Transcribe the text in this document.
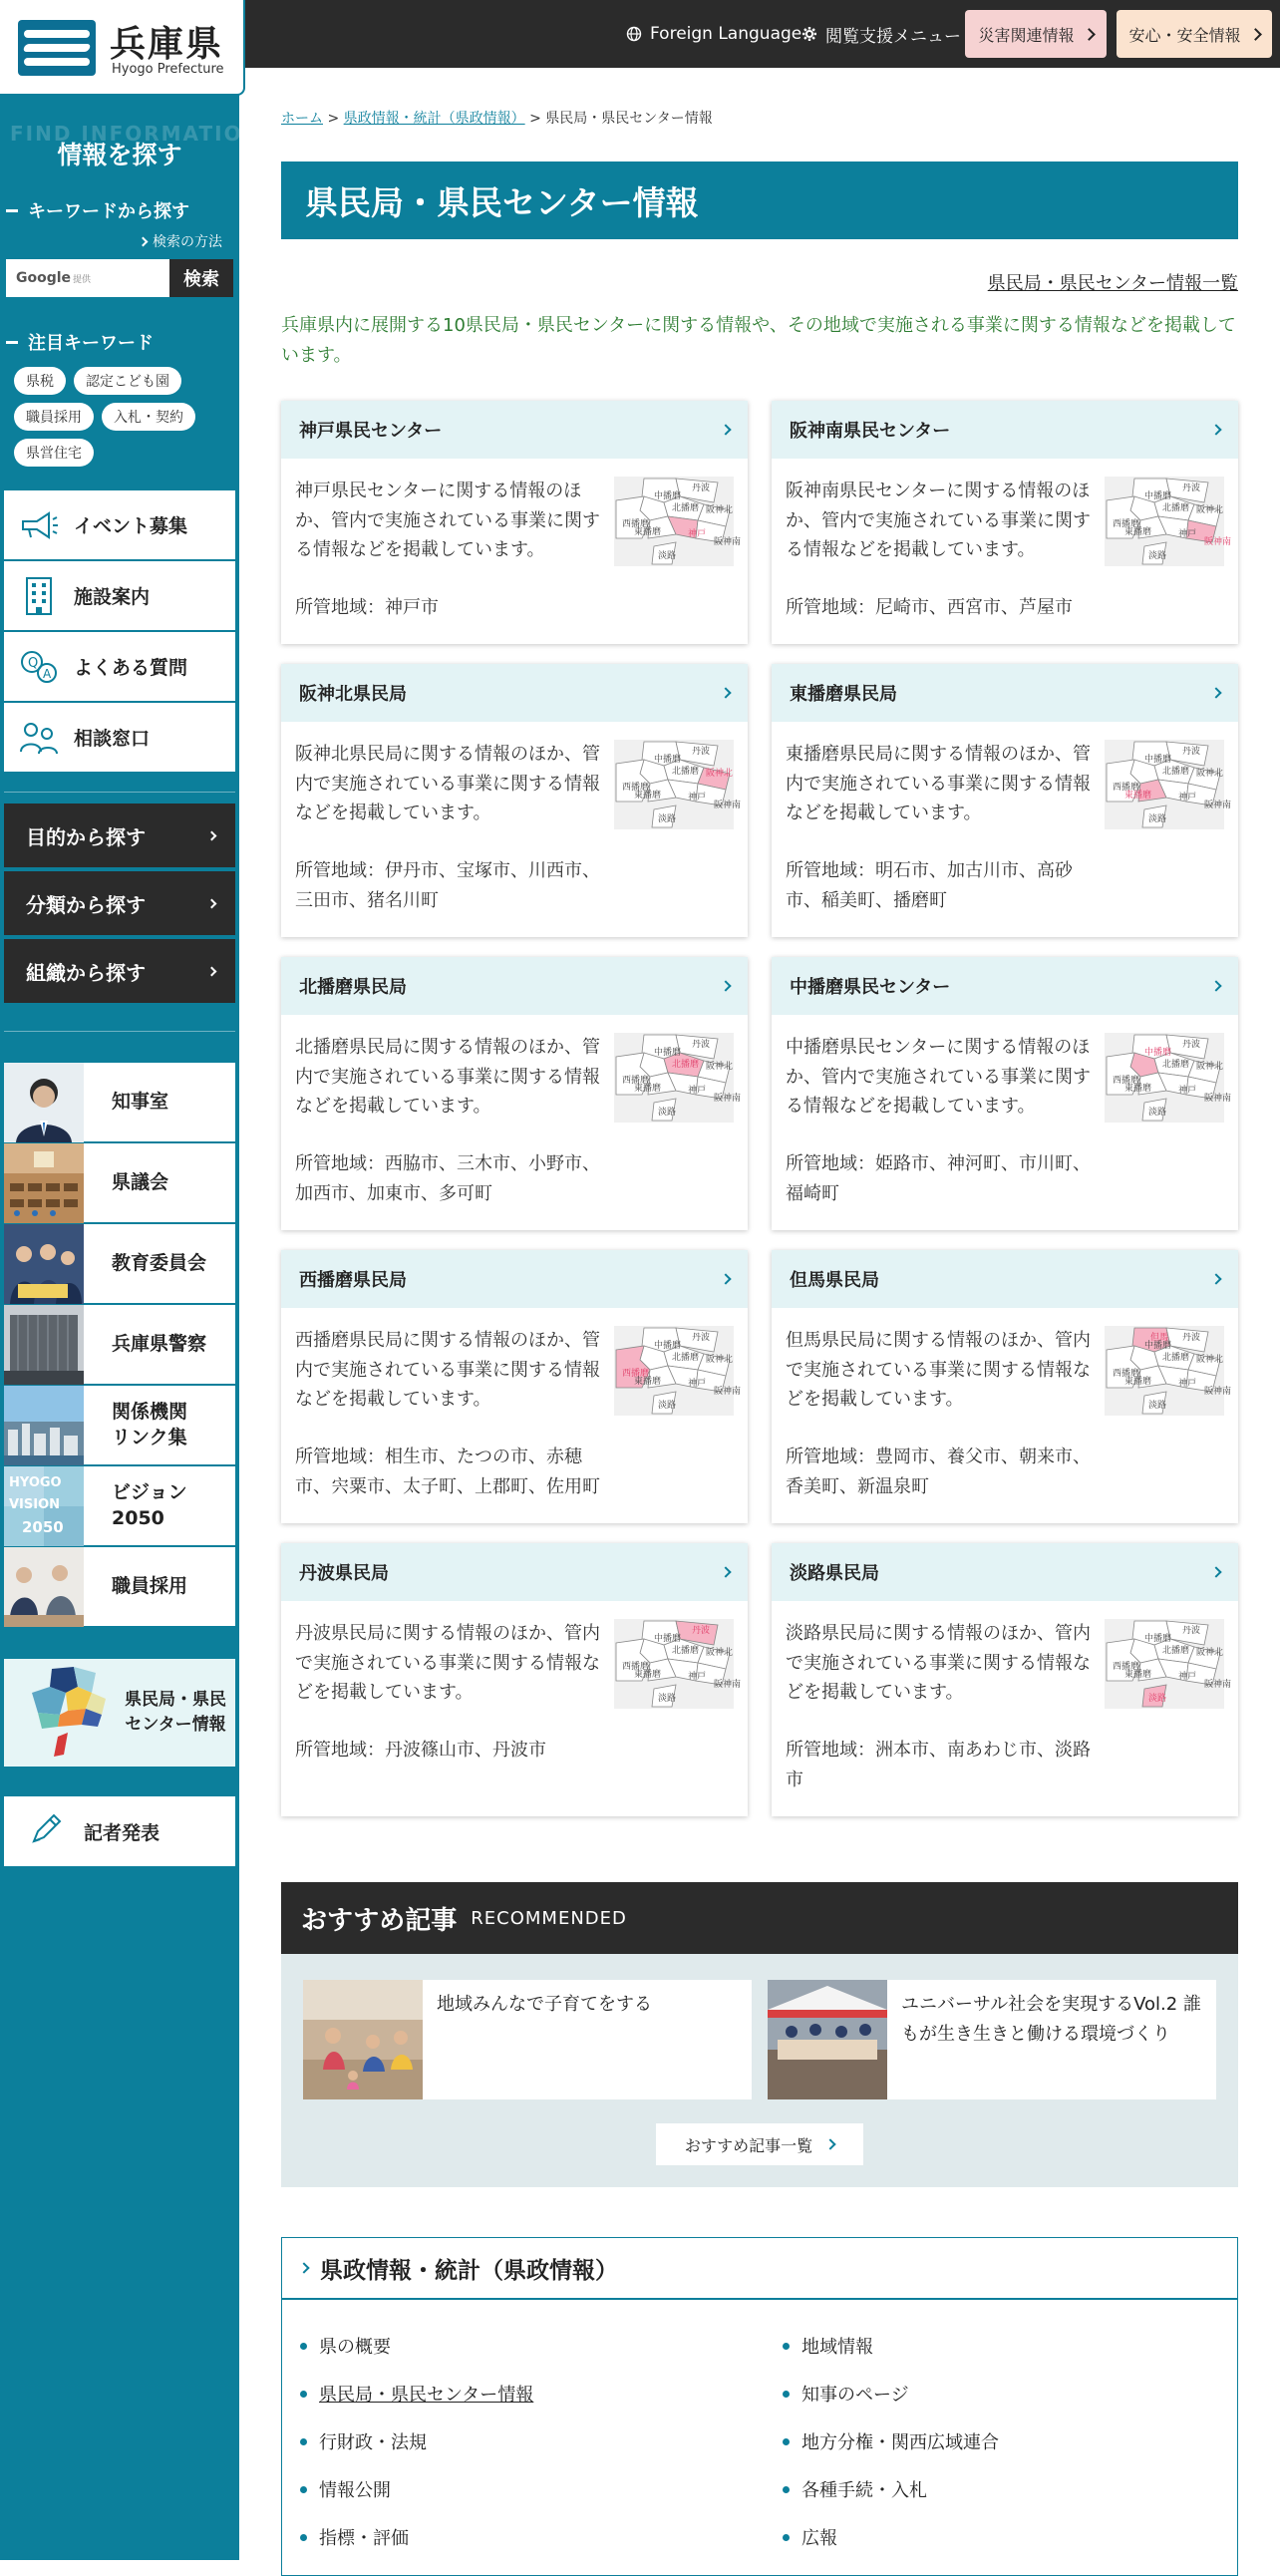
FIND INFORMATION
情報を探す
キーワードから探す
検索の方法
Google 提供	検索
注目キーワード
県税	認定こども園
職員採用	入札・契約
県営住宅
イベント募集
施設案内
Q
A よくある質問
相談窓口
目的から探す
分類から探す
組織から探す
知事室
県議会
教育委員会
兵庫県警察
関係機関
リンク集
HYOGO
VISION
2050
ビジョン
2050
職員採用
県民局・県民
センター情報
記者発表
兵庫県
Hyogo Prefecture
Foreign Language 閲覧支援メニュー 災害関連情報	安心・安全情報
ホーム > 県政情報・統計（県政情報） > 県民局・県民センター情報
県民局・県民センター情報
県民局・県民センター情報一覧

兵庫県内に展開する10県民局・県民センターに関する情報や、その地域で実施される事業に関する情報などを掲載しています。

神戸県民センター

神戸県民センターに関する情報のほか、管内で実施されている事業に関する情報などを掲載しています。

所管地域：神戸市

丹波
中播磨
北播磨 阪神北
西播磨
東播磨	神戸
阪神南
淡路
阪神南県民センター

阪神南県民センターに関する情報のほか、管内で実施されている事業に関する情報などを掲載しています。

所管地域：尼崎市、西宮市、芦屋市

丹波
中播磨
北播磨 阪神北
西播磨
東播磨	神戸
阪神南
淡路
阪神北県民局

阪神北県民局に関する情報のほか、管内で実施されている事業に関する情報などを掲載しています。

所管地域：伊丹市、宝塚市、川西市、三田市、猪名川町

丹波
中播磨
北播磨 阪神北
西播磨
東播磨	神戸
阪神南
淡路
東播磨県民局

東播磨県民局に関する情報のほか、管内で実施されている事業に関する情報などを掲載しています。

所管地域：明石市、加古川市、高砂市、稲美町、播磨町

丹波
中播磨
北播磨 阪神北
西播磨
東播磨	神戸
阪神南
淡路
北播磨県民局

北播磨県民局に関する情報のほか、管内で実施されている事業に関する情報などを掲載しています。

所管地域：西脇市、三木市、小野市、加西市、加東市、多可町

丹波
中播磨
北播磨 阪神北
西播磨
東播磨	神戸
阪神南
淡路
中播磨県民センター

中播磨県民センターに関する情報のほか、管内で実施されている事業に関する情報などを掲載しています。

所管地域：姫路市、神河町、市川町、福崎町

丹波
中播磨
北播磨 阪神北
西播磨
東播磨	神戸
阪神南
淡路
西播磨県民局

西播磨県民局に関する情報のほか、管内で実施されている事業に関する情報などを掲載しています。

所管地域：相生市、たつの市、赤穂市、宍粟市、太子町、上郡町、佐用町

丹波
中播磨
北播磨 阪神北
西播磨
東播磨	神戸
阪神南
淡路
但馬県民局

但馬県民局に関する情報のほか、管内で実施されている事業に関する情報などを掲載しています。

所管地域：豊岡市、養父市、朝来市、香美町、新温泉町

丹波
中播磨
北播磨 阪神北
西播磨
東播磨	神戸
阪神南
但馬
淡路
丹波県民局

丹波県民局に関する情報のほか、管内で実施されている事業に関する情報などを掲載しています。

所管地域：丹波篠山市、丹波市

丹波
中播磨
北播磨 阪神北
西播磨
東播磨	神戸
阪神南
淡路
淡路県民局

淡路県民局に関する情報のほか、管内で実施されている事業に関する情報などを掲載しています。

所管地域：洲本市、南あわじ市、淡路市

丹波
中播磨
北播磨 阪神北
西播磨
東播磨	神戸
阪神南
淡路
おすすめ記事 RECOMMENDED
地域みんなで子育てをする	ユニバーサル社会を実現するVol.2 誰もが生き生きと働ける環境づくり
おすすめ記事一覧
県政情報・統計（県政情報）
県の概要	地域情報
県民局・県民センター情報	知事のページ
行財政・法規	地方分権・関西広域連合
情報公開	各種手続・入札
指標・評価	広報
